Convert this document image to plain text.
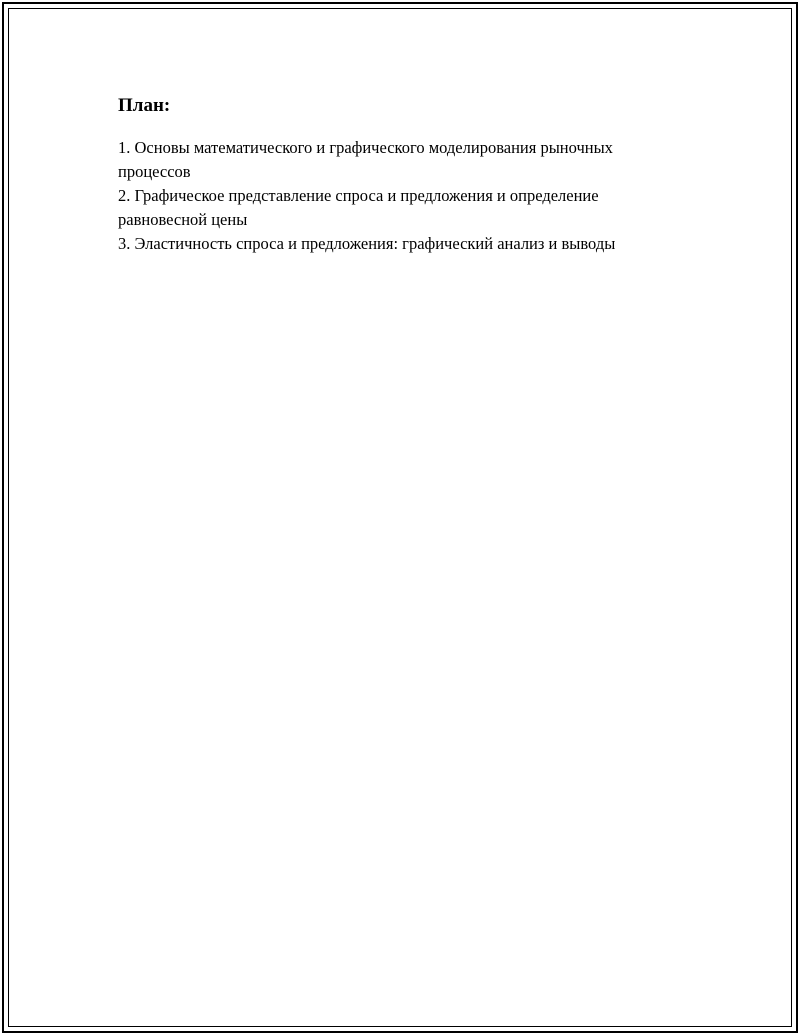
План:
1. Основы математического и графического моделирования рыночных процессов
2. Графическое представление спроса и предложения и определение равновесной цены
3. Эластичность спроса и предложения: графический анализ и выводы
